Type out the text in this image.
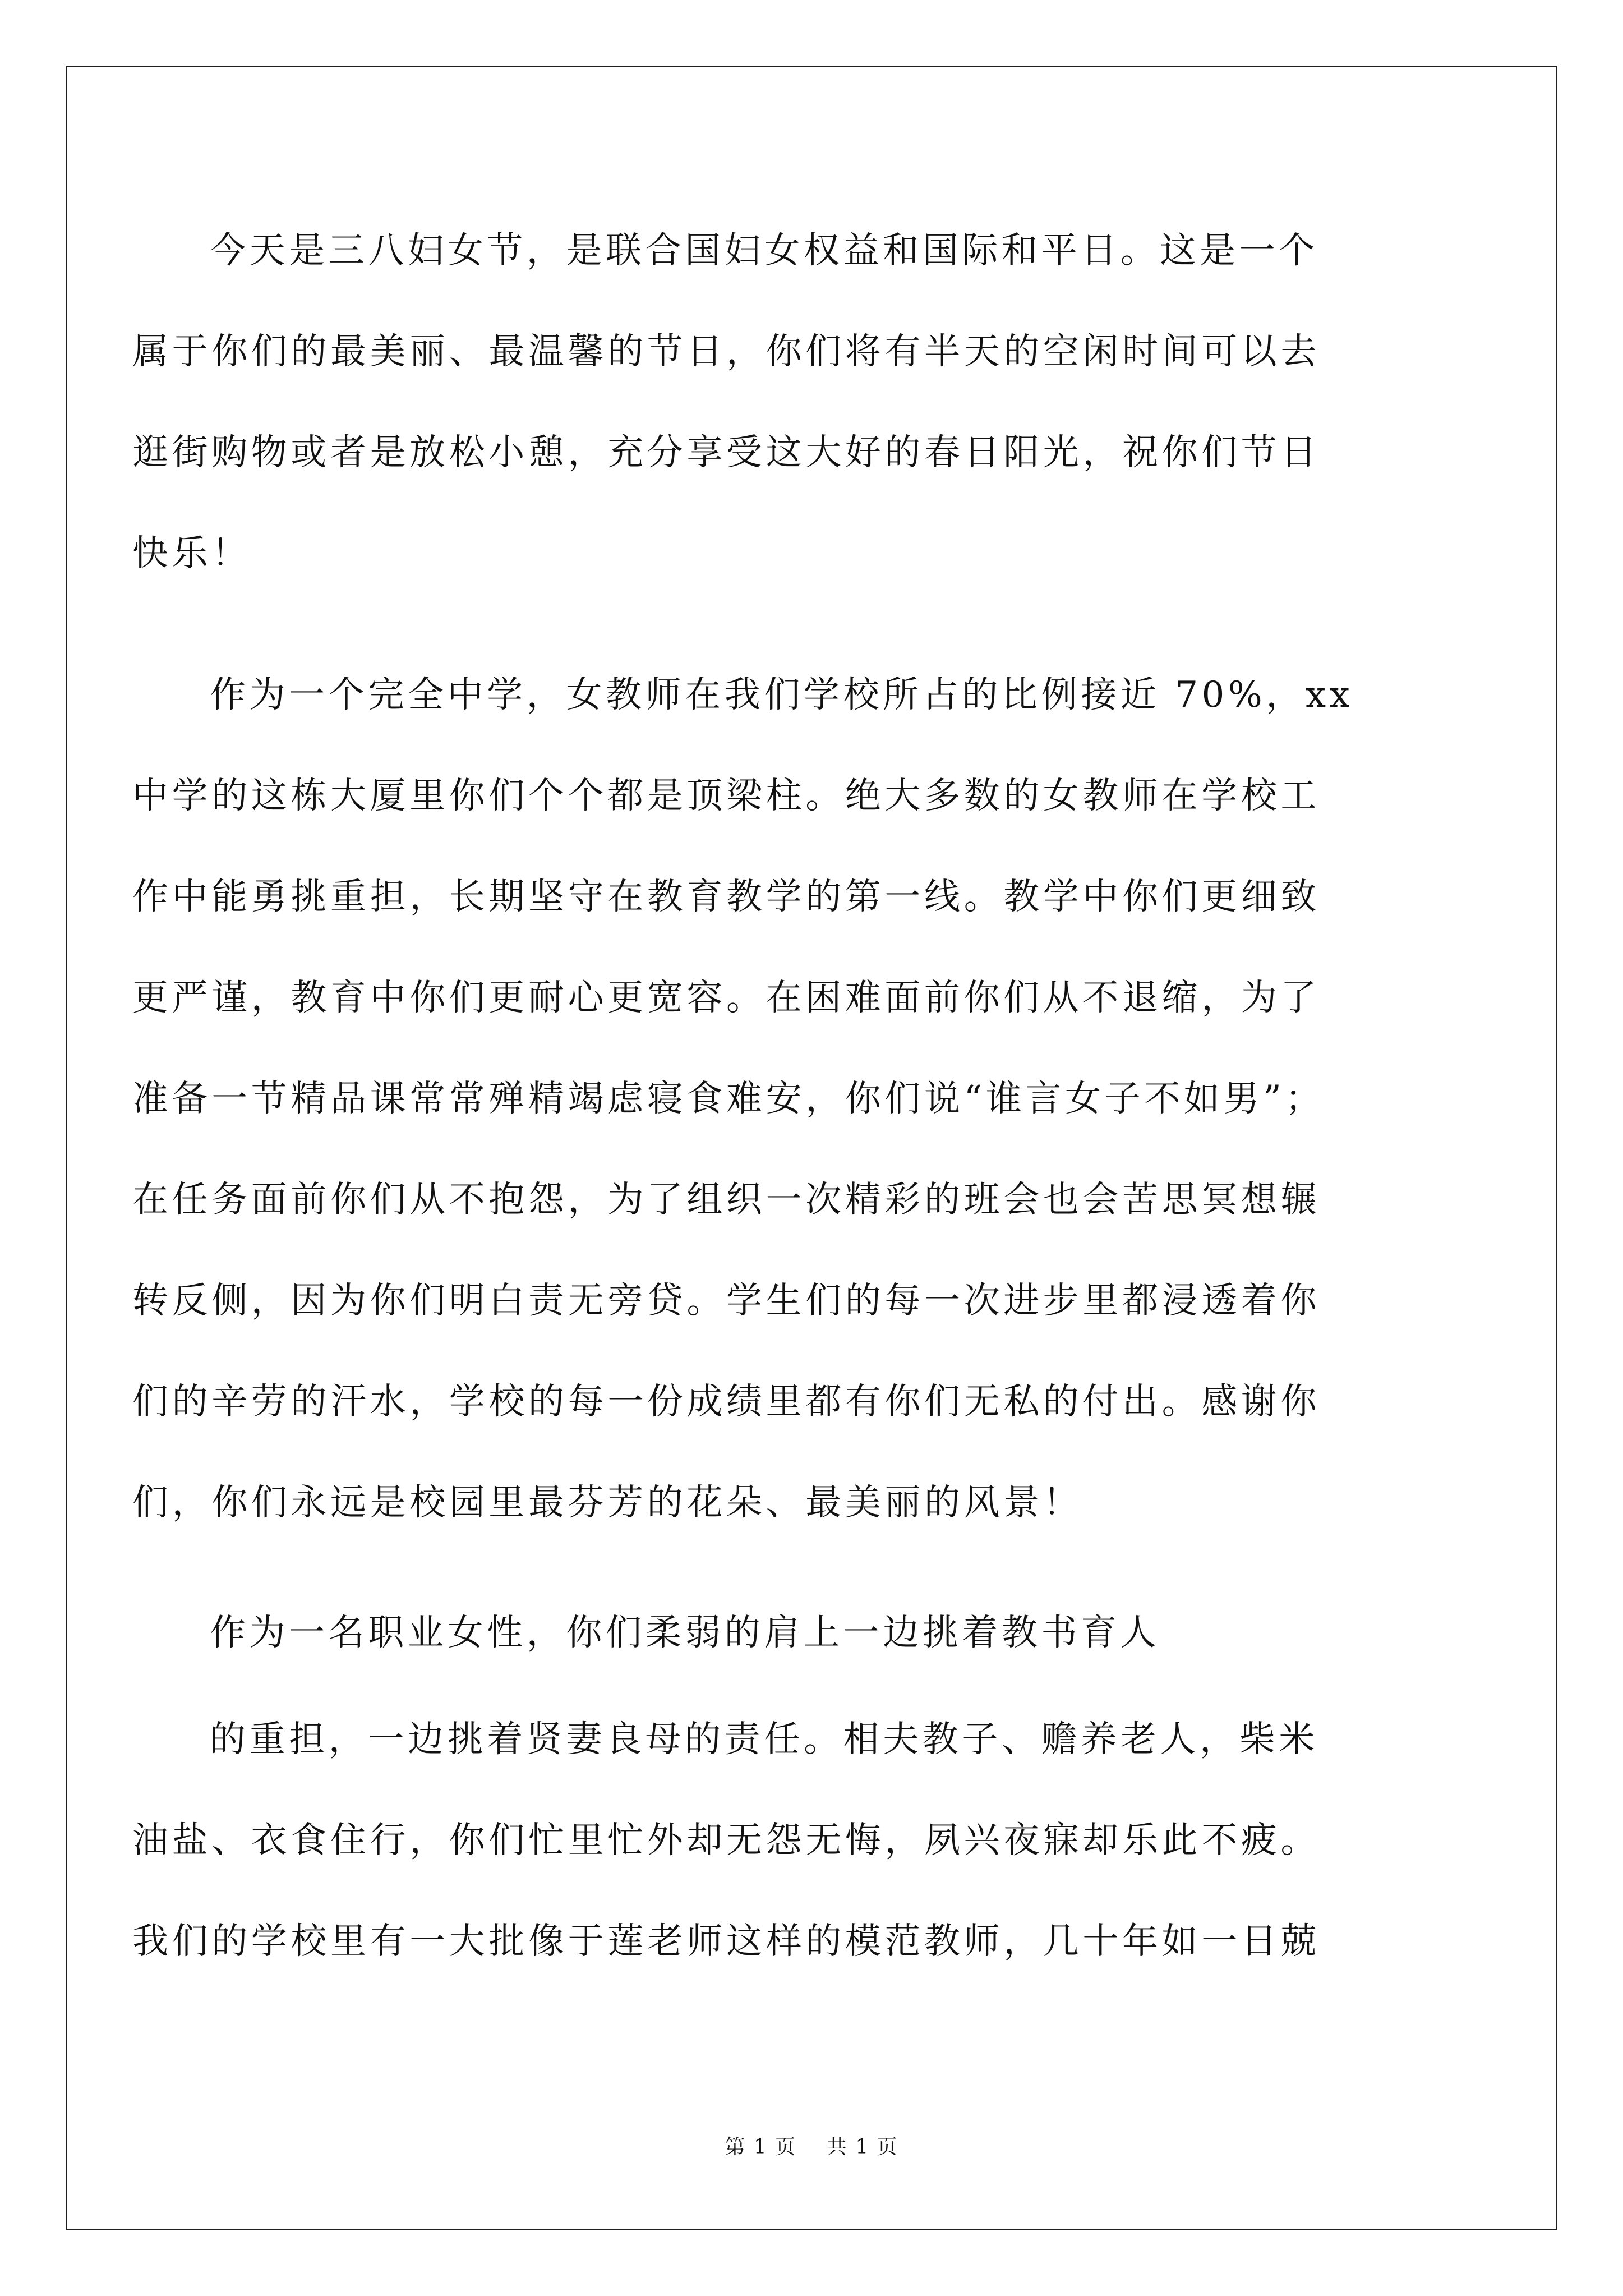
今天是三八妇女节，是联合国妇女权益和国际和平日。这是一个
属于你们的最美丽、最温馨的节日，你们将有半天的空闲时间可以去
逛街购物或者是放松小憩，充分享受这大好的春日阳光，祝你们节日
快乐！
作为一个完全中学，女教师在我们学校所占的比例接近 70%，xx
中学的这栋大厦里你们个个都是顶梁柱。绝大多数的女教师在学校工
作中能勇挑重担，长期坚守在教育教学的第一线。教学中你们更细致
更严谨，教育中你们更耐心更宽容。在困难面前你们从不退缩，为了
准备一节精品课常常殚精竭虑寝食难安，你们说“谁言女子不如男”；
在任务面前你们从不抱怨，为了组织一次精彩的班会也会苦思冥想辗
转反侧，因为你们明白责无旁贷。学生们的每一次进步里都浸透着你
们的辛劳的汗水，学校的每一份成绩里都有你们无私的付出。感谢你
们，你们永远是校园里最芬芳的花朵、最美丽的风景！
作为一名职业女性，你们柔弱的肩上一边挑着教书育人
的重担，一边挑着贤妻良母的责任。相夫教子、赡养老人，柴米
油盐、衣食住行，你们忙里忙外却无怨无悔，夙兴夜寐却乐此不疲。
我们的学校里有一大批像于莲老师这样的模范教师，几十年如一日兢
第 1 页    共 1 页
